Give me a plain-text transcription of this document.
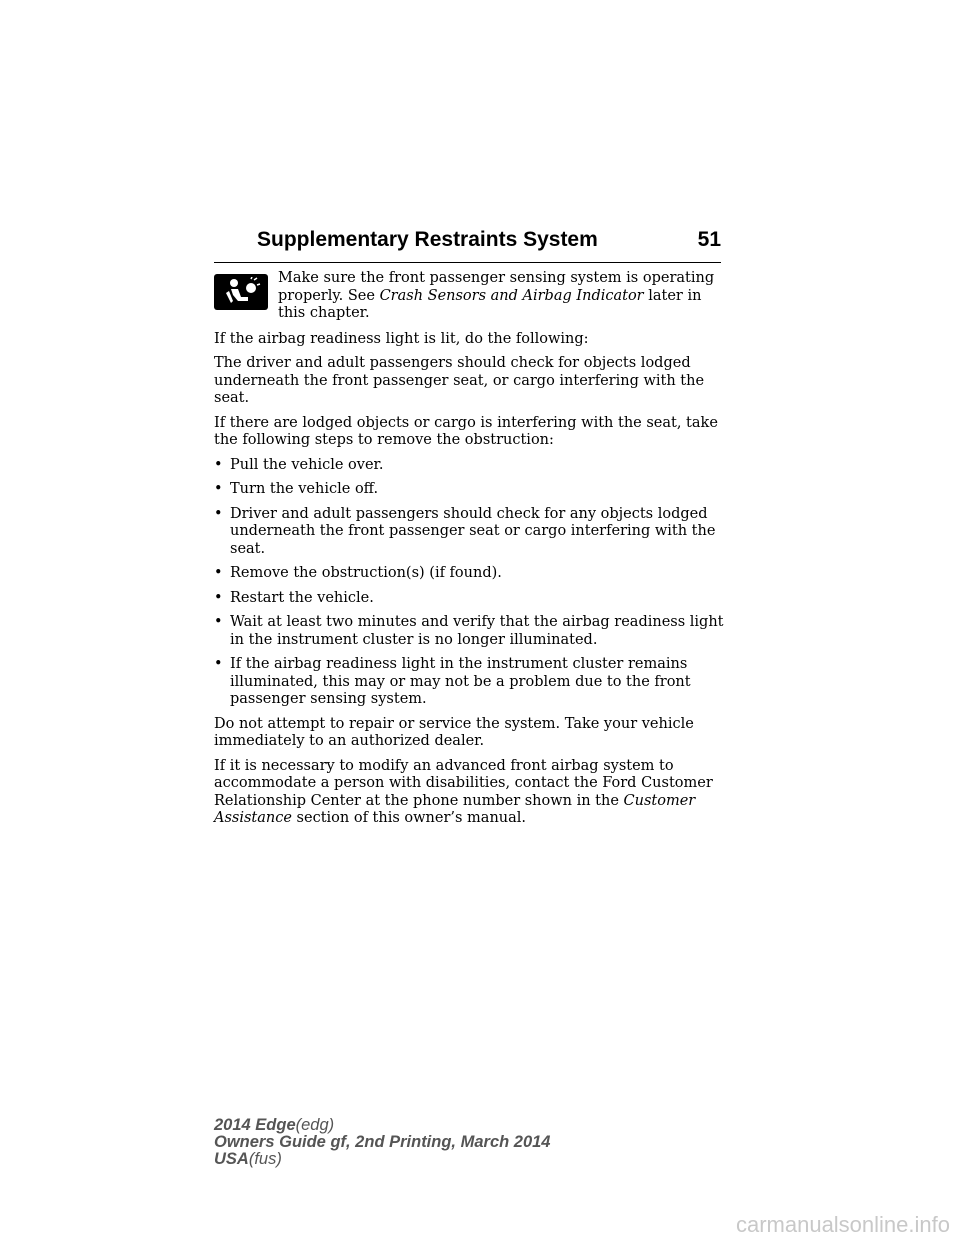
Supplementary Restraints System	51
Make sure the front passenger sensing system is operating properly. See Crash Sensors and Airbag Indicator later in this chapter.

If the airbag readiness light is lit, do the following:

The driver and adult passengers should check for objects lodged underneath the front passenger seat, or cargo interfering with the seat.

If there are lodged objects or cargo is interfering with the seat, take the following steps to remove the obstruction:

• Pull the vehicle over.
• Turn the vehicle off.
• Driver and adult passengers should check for any objects lodged underneath the front passenger seat or cargo interfering with the seat.
• Remove the obstruction(s) (if found).
• Restart the vehicle.
• Wait at least two minutes and verify that the airbag readiness light in the instrument cluster is no longer illuminated.
• If the airbag readiness light in the instrument cluster remains illuminated, this may or may not be a problem due to the front passenger sensing system.

Do not attempt to repair or service the system. Take your vehicle immediately to an authorized dealer.

If it is necessary to modify an advanced front airbag system to accommodate a person with disabilities, contact the Ford Customer Relationship Center at the phone number shown in the Customer Assistance section of this owner’s manual.

2014 Edge(edg)
Owners Guide gf, 2nd Printing, March 2014
USA(fus)
carmanualsonline.info
